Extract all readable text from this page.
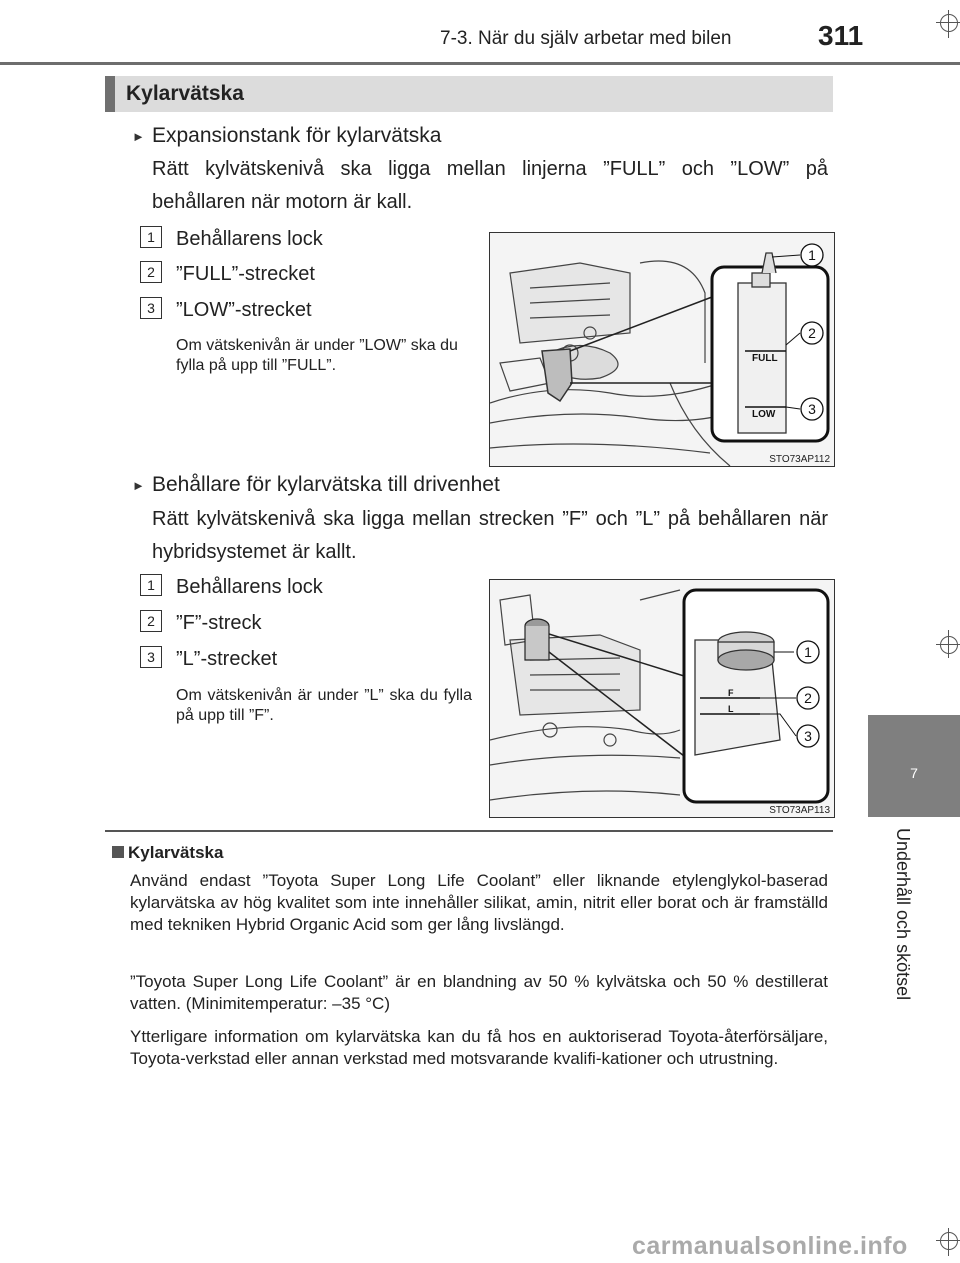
7-3. När du själv arbetar med bilen	311
Kylarvätska
► Expansionstank för kylarvätska
Rätt kylvätskenivå ska ligga mellan linjerna ”FULL” och ”LOW” på behållaren när motorn är kall.
1	Behållarens lock
2	”FULL”-strecket
3	”LOW”-strecket
Om vätskenivån är under ”LOW” ska du fylla på upp till ”FULL”.	FULL
LOW
1
2
3
STO73AP112
► Behållare för kylarvätska till drivenhet
Rätt kylvätskenivå ska ligga mellan strecken ”F” och ”L” på behållaren när hybridsystemet är kallt.
1	Behållarens lock
2	”F”-streck
3	”L”-strecket
Om vätskenivån är under ”L” ska du fylla på upp till ”F”.
F
L
1
2
3
STO73AP113
7
Underhåll och skötsel
Kylarvätska
Använd endast ”Toyota Super Long Life Coolant” eller liknande etylenglykol-baserad kylarvätska av hög kvalitet som inte innehåller silikat, amin, nitrit eller borat och är framställd med tekniken Hybrid Organic Acid som ger lång livslängd.
”Toyota Super Long Life Coolant” är en blandning av 50 % kylvätska och 50 % destillerat vatten. (Minimitemperatur: –35 °C)
Ytterligare information om kylarvätska kan du få hos en auktoriserad Toyota-återförsäljare, Toyota-verkstad eller annan verkstad med motsvarande kvalifi-kationer och utrustning.
carmanualsonline.info
